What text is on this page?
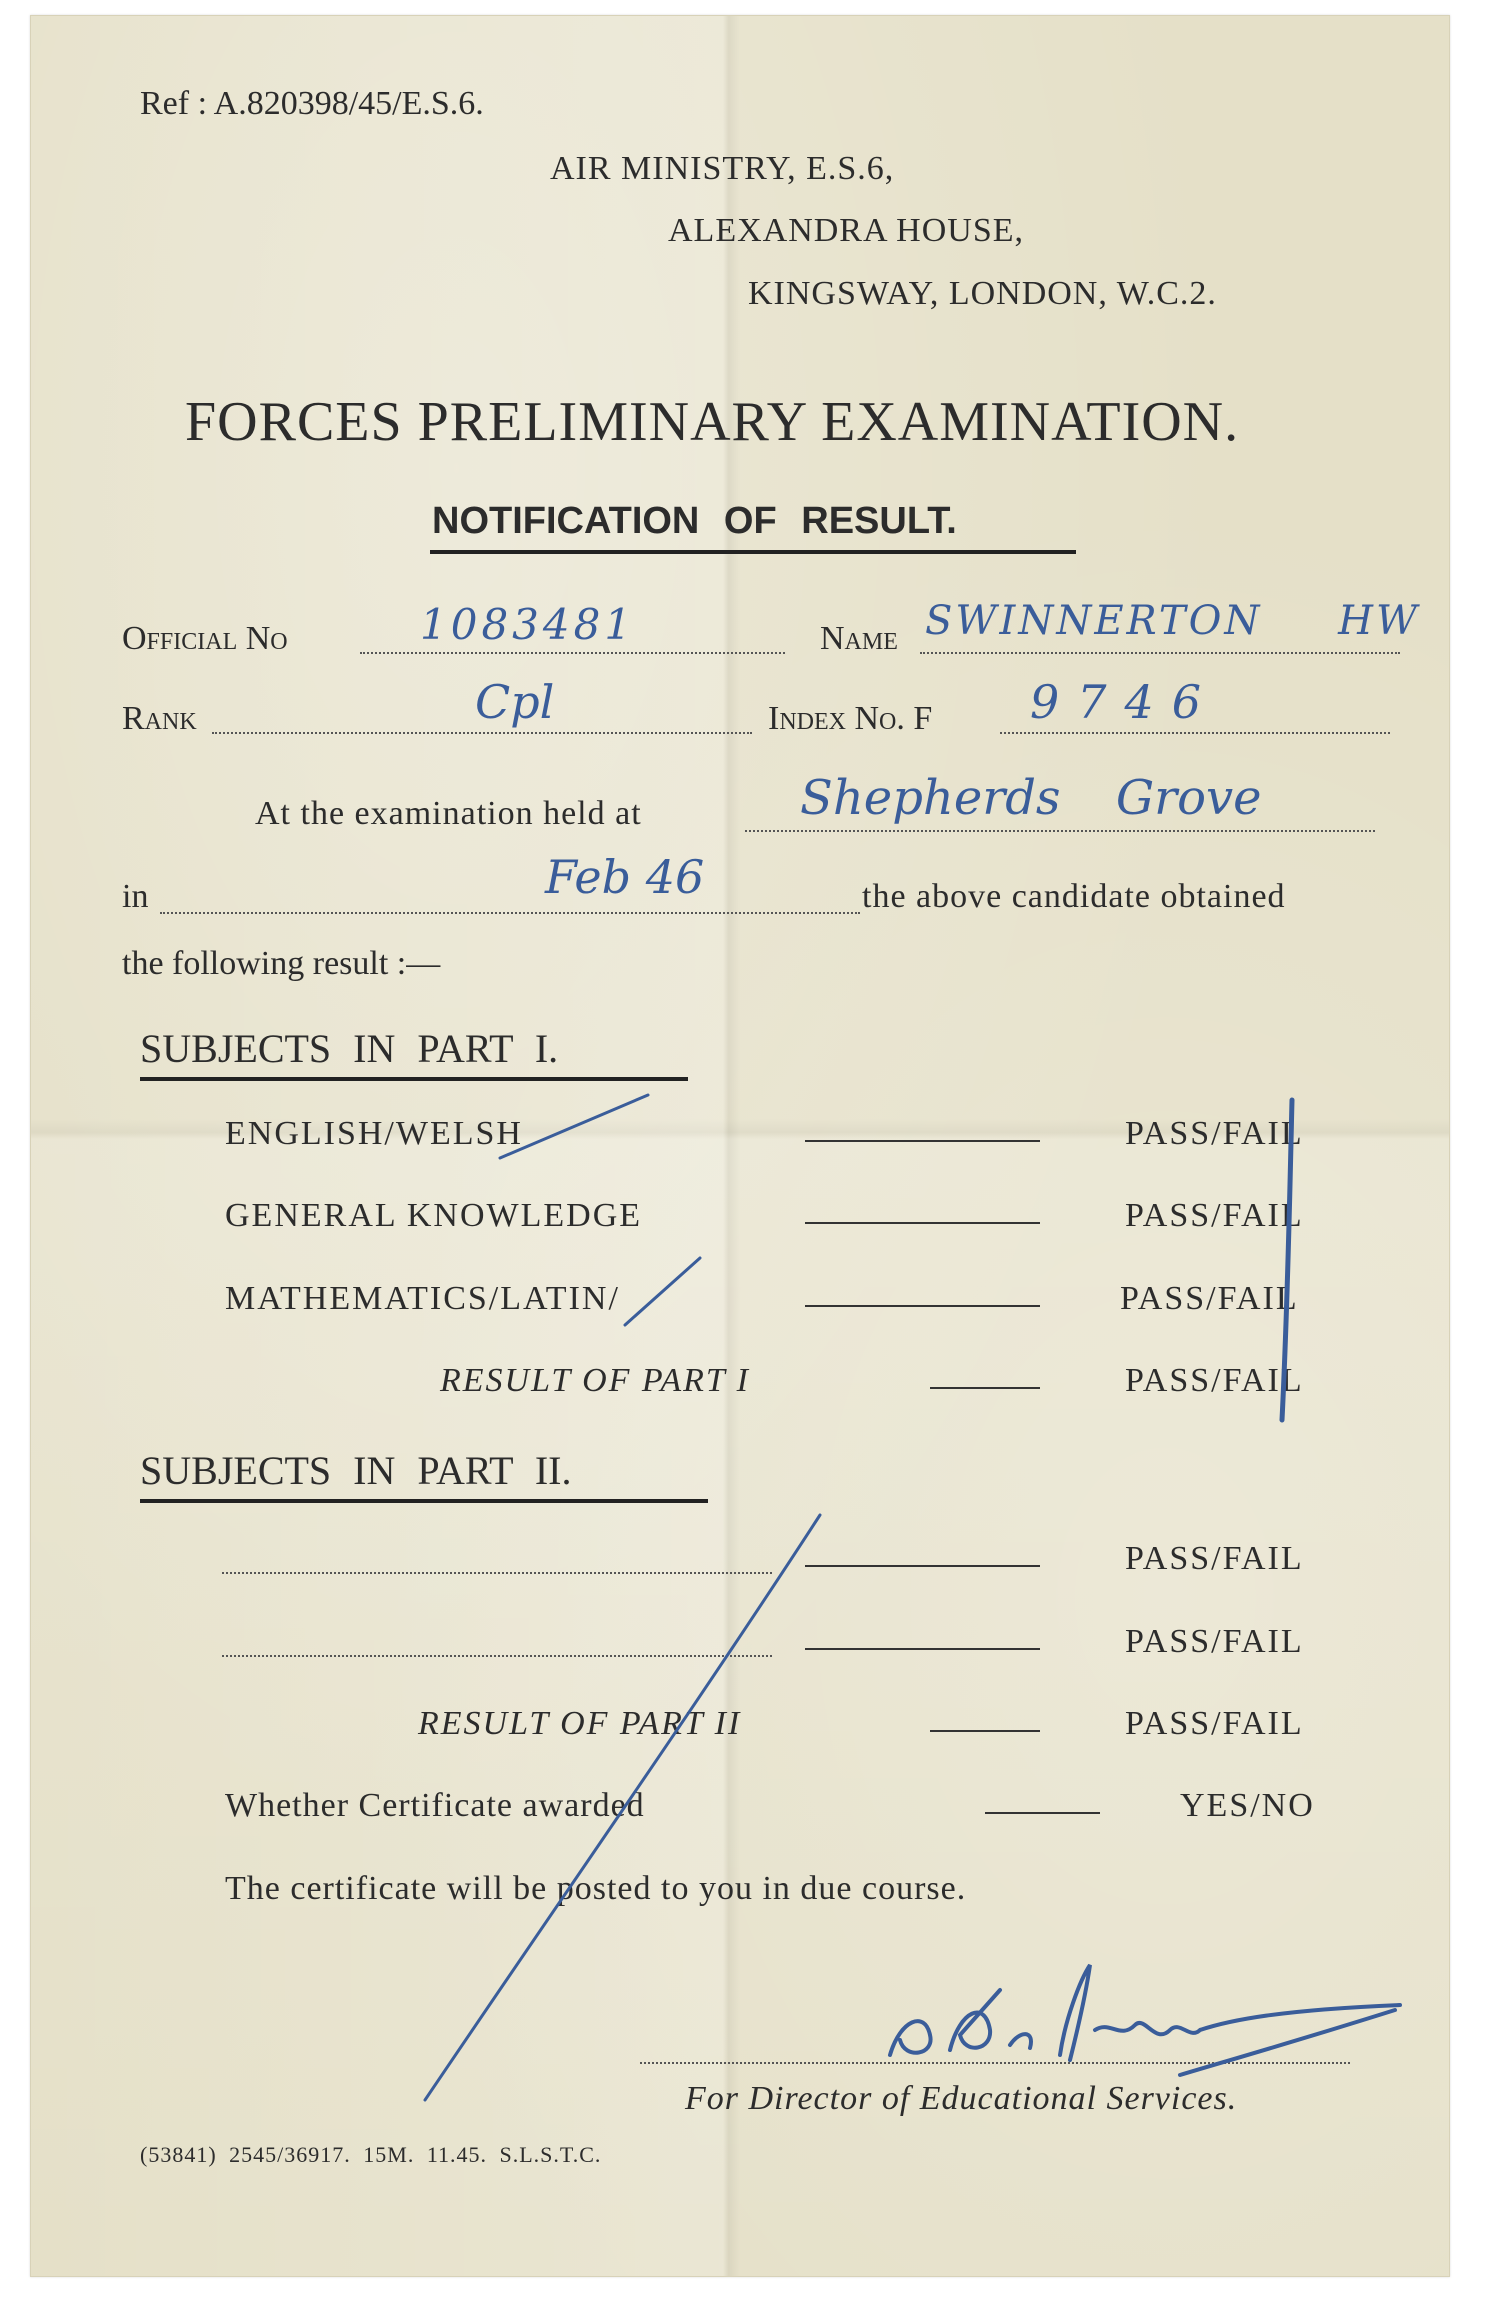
Ref : A.820398/45/E.S.6.
AIR MINISTRY, E.S.6,
ALEXANDRA HOUSE,
KINGSWAY, LONDON, W.C.2.
FORCES PRELIMINARY EXAMINATION.
NOTIFICATION OF RESULT.
Official No	1083481	Name SWINNERTON HW
Rank	Cpl	Index No. F 9746
At the examination held at	Shepherds Grove
in	Feb 46	the above candidate obtained
the following result :—
SUBJECTS IN PART I.
ENGLISH/WELSH	PASS/FAIL
GENERAL KNOWLEDGE	PASS/FAIL
MATHEMATICS/LATIN/	PASS/FAIL
RESULT OF PART I	PASS/FAIL
SUBJECTS IN PART II.
PASS/FAIL
PASS/FAIL
RESULT OF PART II	PASS/FAIL
Whether Certificate awarded	YES/NO
The certificate will be posted to you in due course.
For Director of Educational Services.
(53841) 2545/36917. 15M. 11.45. S.L.S.T.C.
